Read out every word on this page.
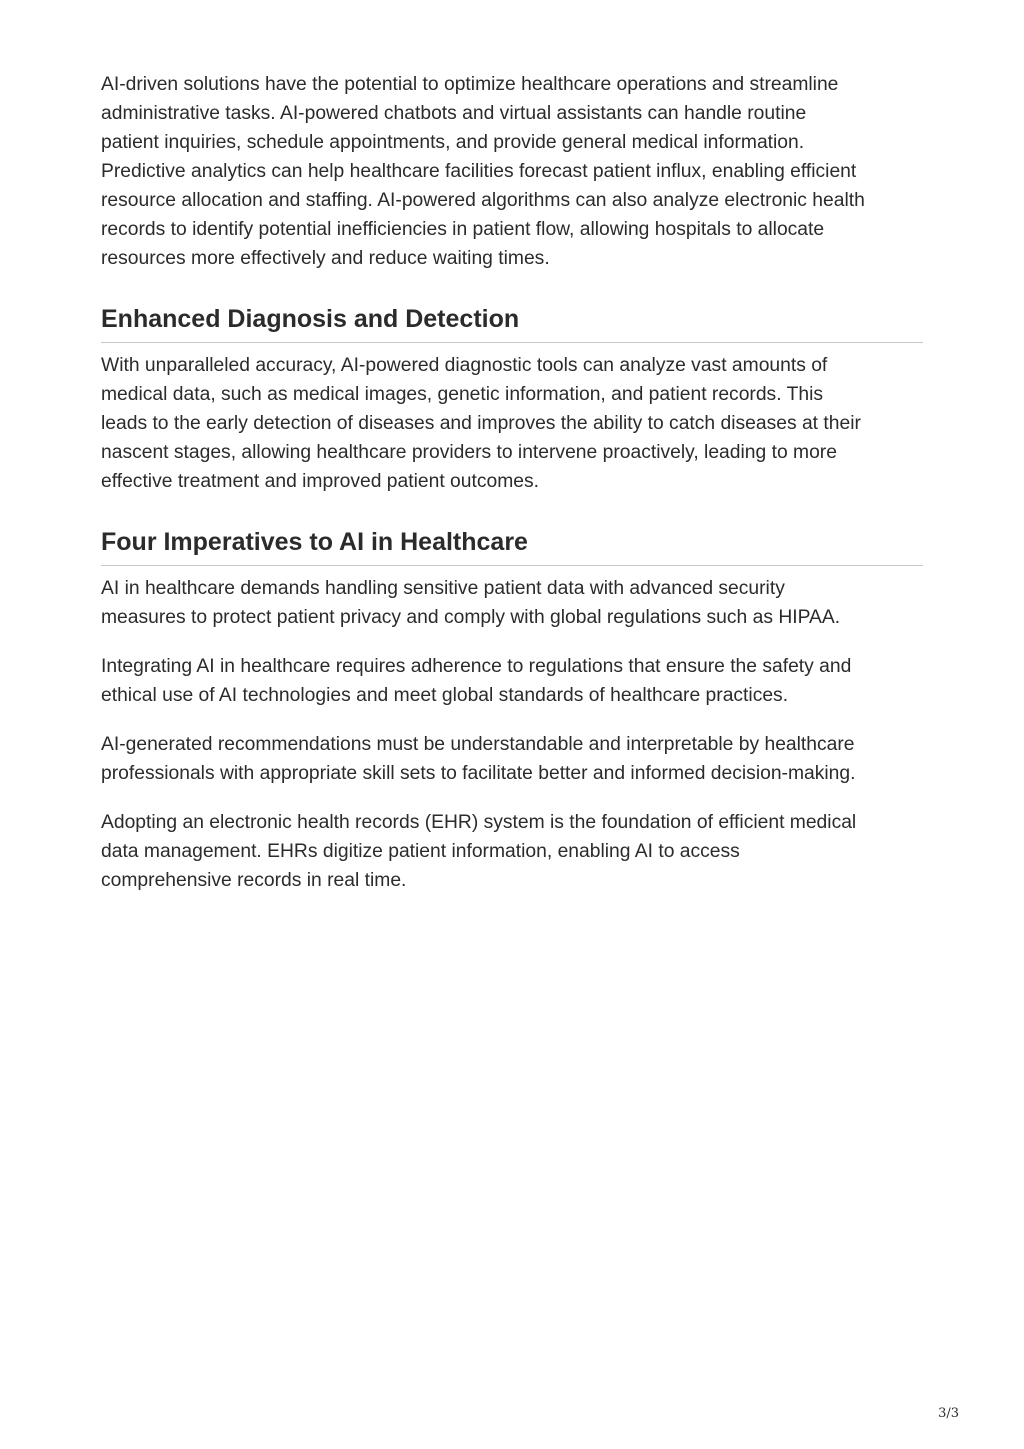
AI-driven solutions have the potential to optimize healthcare operations and streamline
administrative tasks. AI-powered chatbots and virtual assistants can handle routine
patient inquiries, schedule appointments, and provide general medical information.
Predictive analytics can help healthcare facilities forecast patient influx, enabling efficient
resource allocation and staffing. AI-powered algorithms can also analyze electronic health
records to identify potential inefficiencies in patient flow, allowing hospitals to allocate
resources more effectively and reduce waiting times.

Enhanced Diagnosis and Detection

With unparalleled accuracy, AI-powered diagnostic tools can analyze vast amounts of
medical data, such as medical images, genetic information, and patient records. This
leads to the early detection of diseases and improves the ability to catch diseases at their
nascent stages, allowing healthcare providers to intervene proactively, leading to more
effective treatment and improved patient outcomes.

Four Imperatives to AI in Healthcare

AI in healthcare demands handling sensitive patient data with advanced security
measures to protect patient privacy and comply with global regulations such as HIPAA.

Integrating AI in healthcare requires adherence to regulations that ensure the safety and
ethical use of AI technologies and meet global standards of healthcare practices.

AI-generated recommendations must be understandable and interpretable by healthcare
professionals with appropriate skill sets to facilitate better and informed decision-making.

Adopting an electronic health records (EHR) system is the foundation of efficient medical
data management. EHRs digitize patient information, enabling AI to access
comprehensive records in real time.

3/3
